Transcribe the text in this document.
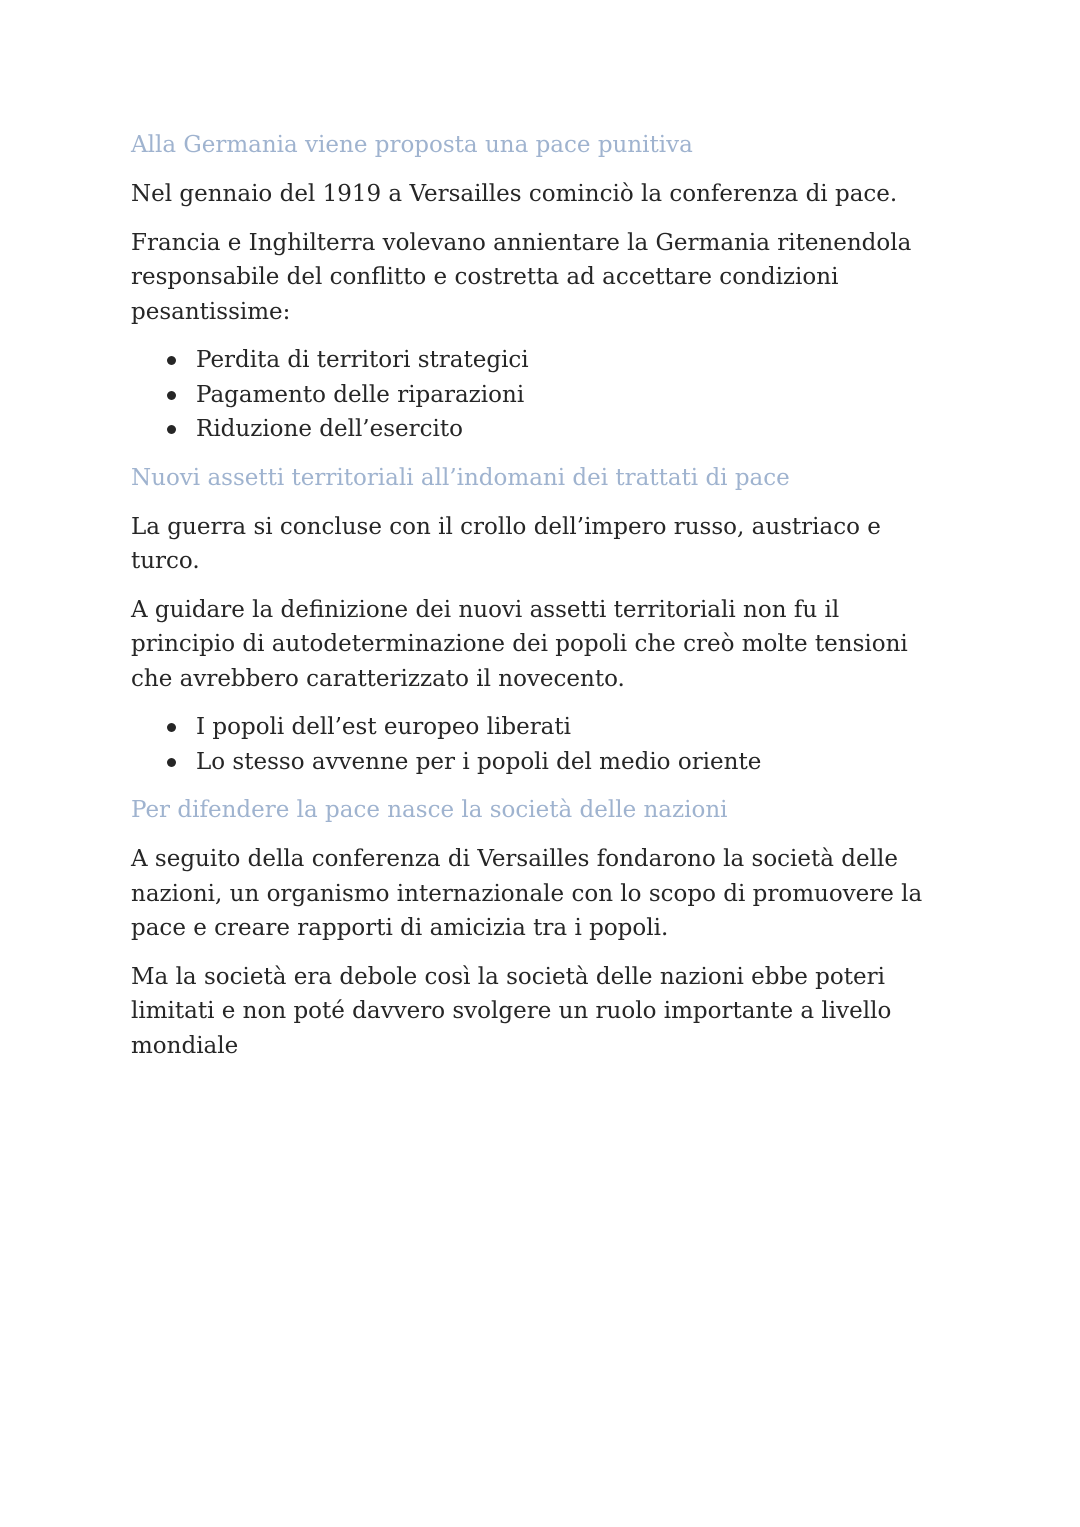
Alla Germania viene proposta una pace punitiva

Nel gennaio del 1919 a Versailles cominciò la conferenza di pace.

Francia e Inghilterra volevano annientare la Germania ritenendola responsabile del conflitto e costretta ad accettare condizioni pesantissime:

Perdita di territori strategici
Pagamento delle riparazioni
Riduzione dell’esercito
Nuovi assetti territoriali all’indomani dei trattati di pace

La guerra si concluse con il crollo dell’impero russo, austriaco e turco.

A guidare la definizione dei nuovi assetti territoriali non fu il principio di autodeterminazione dei popoli che creò molte tensioni che avrebbero caratterizzato il novecento.

I popoli dell’est europeo liberati
Lo stesso avvenne per i popoli del medio oriente
Per difendere la pace nasce la società delle nazioni

A seguito della conferenza di Versailles fondarono la società delle nazioni, un organismo internazionale con lo scopo di promuovere la pace e creare rapporti di amicizia tra i popoli.

Ma la società era debole così la società delle nazioni ebbe poteri limitati e non poté davvero svolgere un ruolo importante a livello mondiale
